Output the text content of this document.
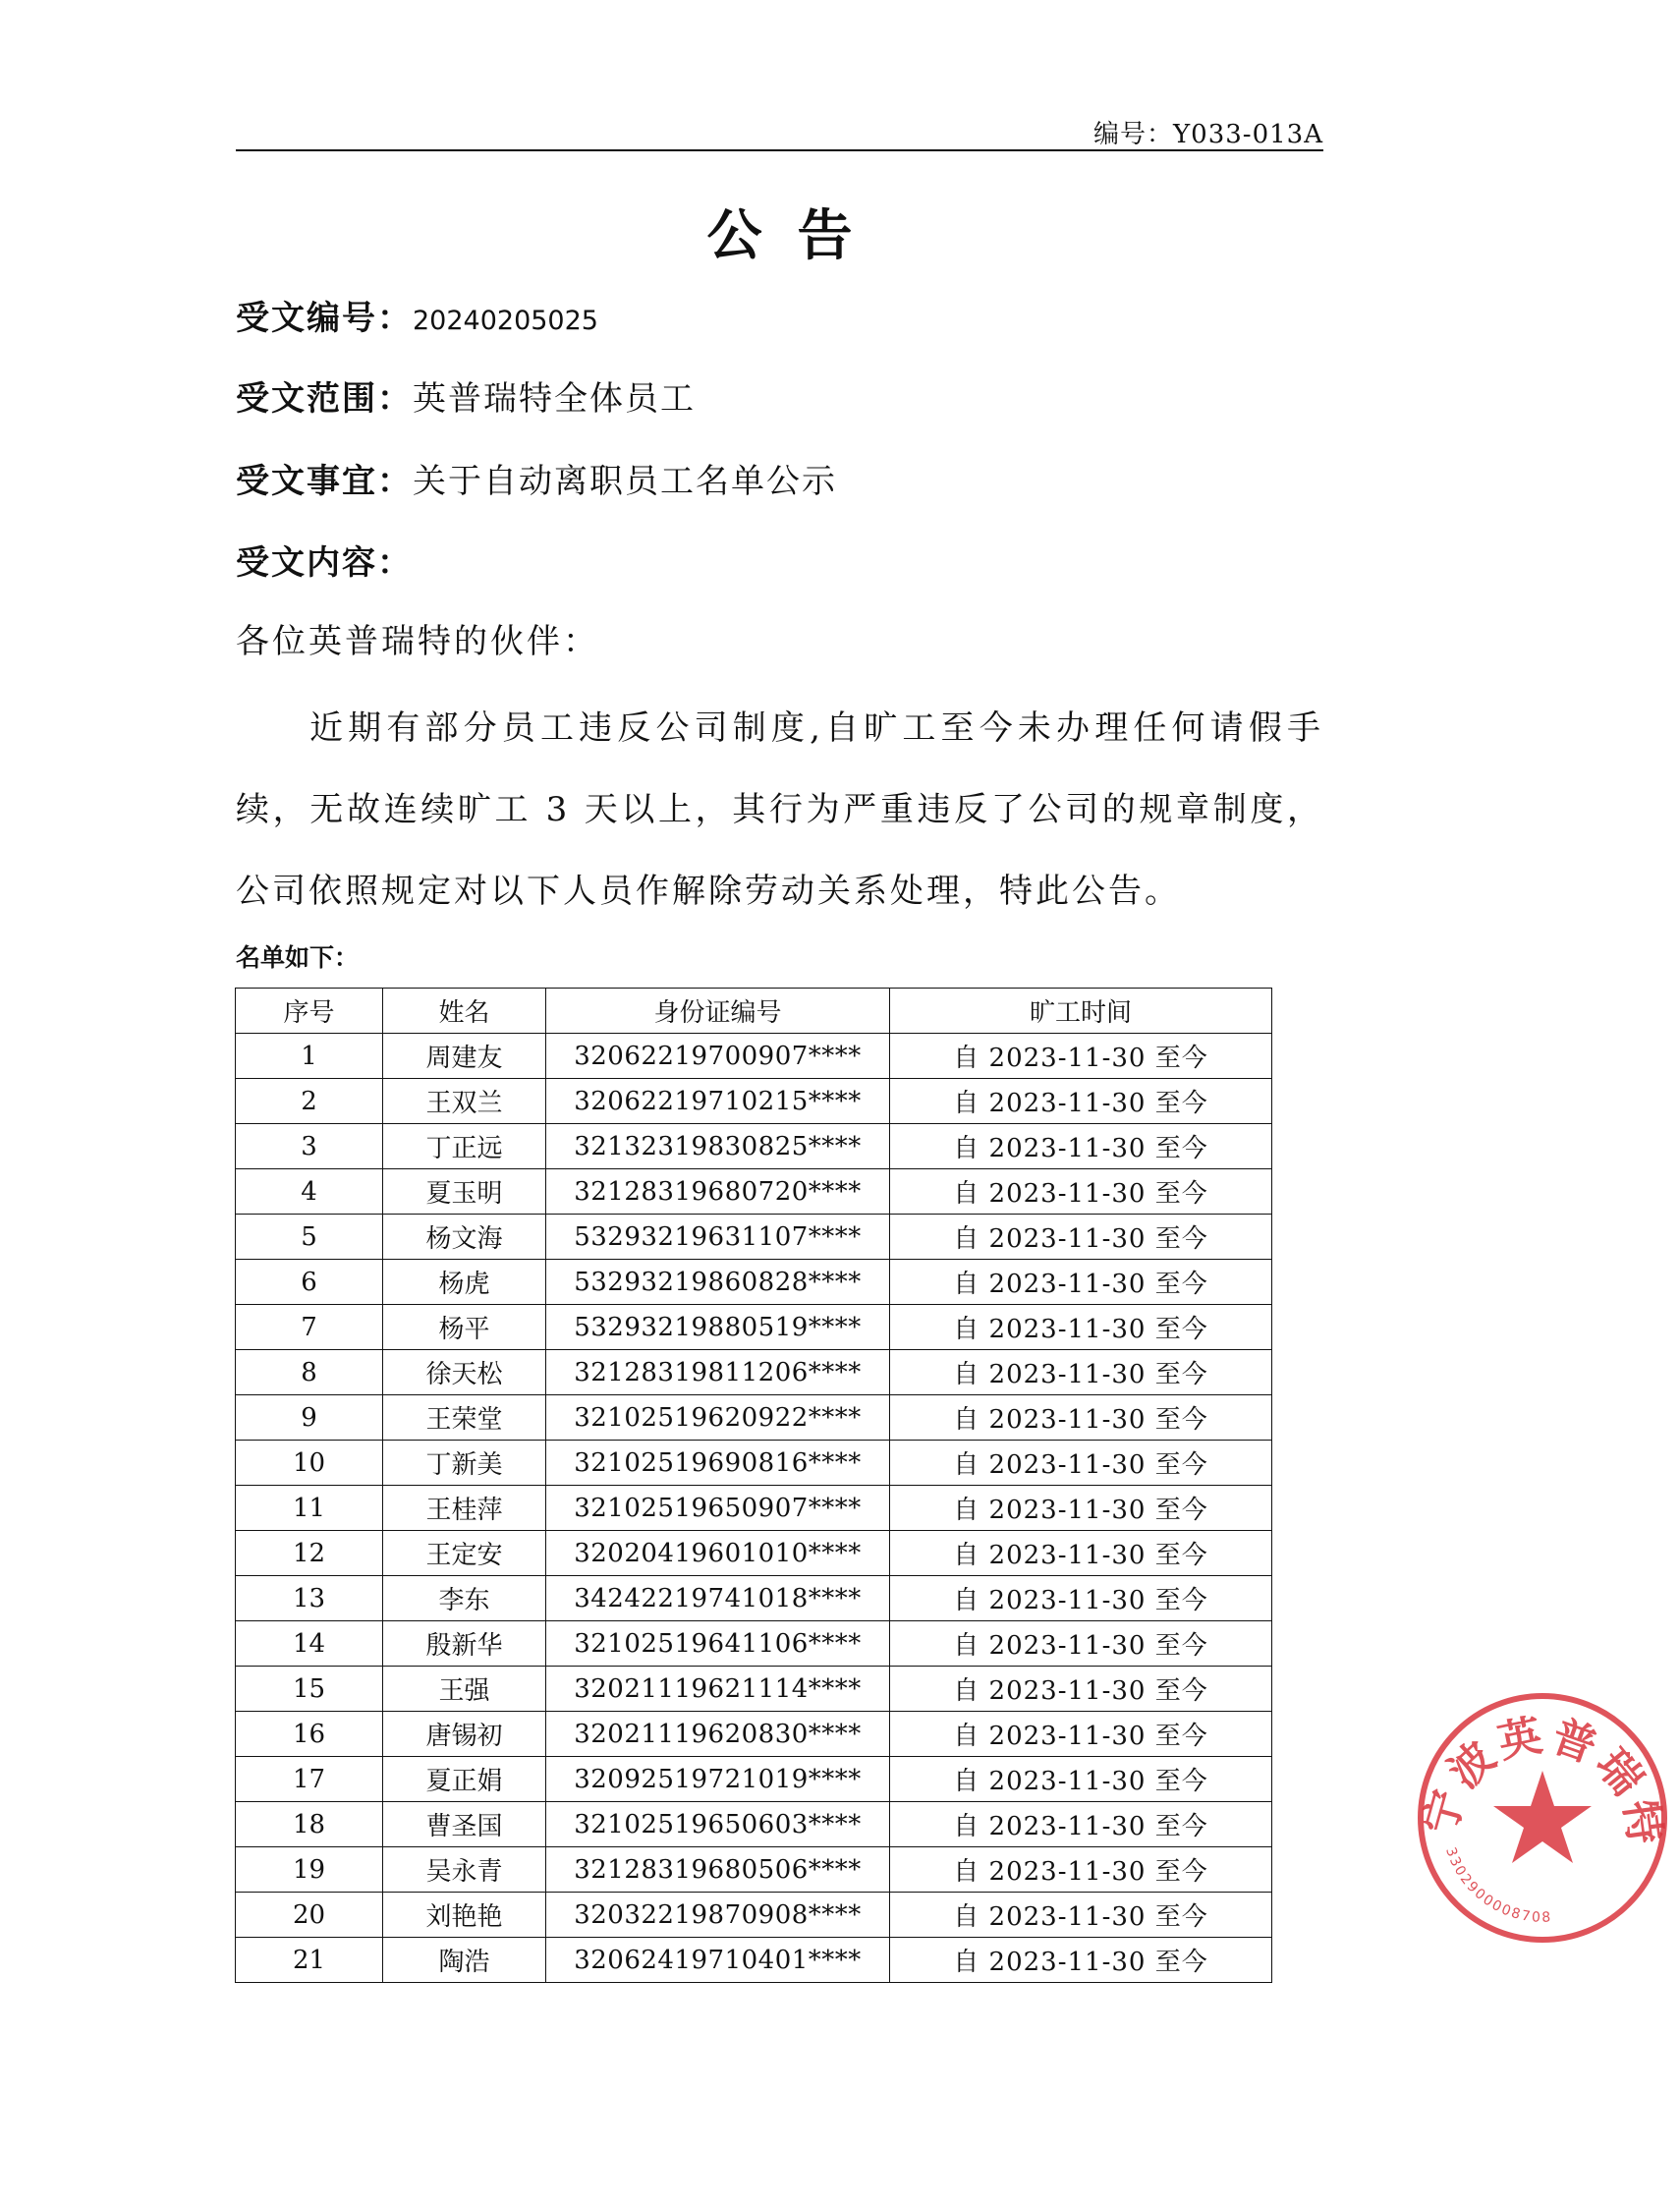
编号：Y033-013A
公告
受文编号：20240205025
受文范围：英普瑞特全体员工
受文事宜：关于自动离职员工名单公示
受文内容：
各位英普瑞特的伙伴：
近期有部分员工违反公司制度,自旷工至今未办理任何请假手续，无故连续旷工 3 天以上，其行为严重违反了公司的规章制度，公司依照规定对以下人员作解除劳动关系处理，特此公告。
名单如下：
序号	姓名	身份证编号	旷工时间
1	周建友	32062219700907****	自 2023-11-30 至今
2	王双兰	32062219710215****	自 2023-11-30 至今
3	丁正远	32132319830825****	自 2023-11-30 至今
4	夏玉明	32128319680720****	自 2023-11-30 至今
5	杨文海	53293219631107****	自 2023-11-30 至今
6	杨虎	53293219860828****	自 2023-11-30 至今
7	杨平	53293219880519****	自 2023-11-30 至今
8	徐天松	32128319811206****	自 2023-11-30 至今
9	王荣堂	32102519620922****	自 2023-11-30 至今
10	丁新美	32102519690816****	自 2023-11-30 至今
11	王桂萍	32102519650907****	自 2023-11-30 至今
12	王定安	32020419601010****	自 2023-11-30 至今
13	李东	34242219741018****	自 2023-11-30 至今
14	殷新华	32102519641106****	自 2023-11-30 至今
15	王强	32021119621114****	自 2023-11-30 至今
16	唐锡初	32021119620830****	自 2023-11-30 至今
17	夏正娟	32092519721019****	自 2023-11-30 至今
18	曹圣国	32102519650603****	自 2023-11-30 至今
19	吴永青	32128319680506****	自 2023-11-30 至今
20	刘艳艳	32032219870908****	自 2023-11-30 至今
21	陶浩	32062419710401****	自 2023-11-30 至今
宁波英普瑞特
3302900008708
